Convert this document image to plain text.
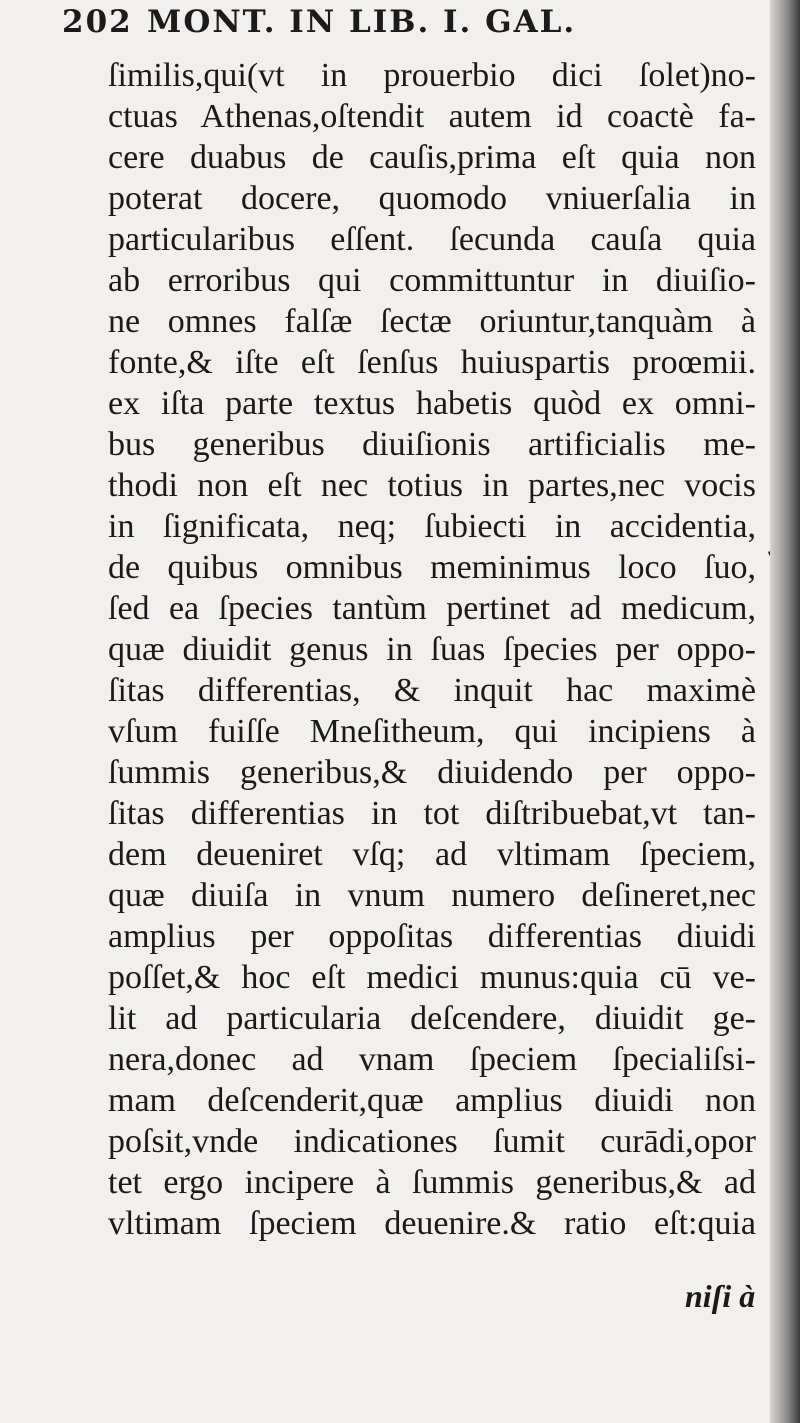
202 MONT. IN LIB. I. GAL.
ſimilis,qui(vt in prouerbio dici ſolet)no-
ctuas Athenas,oſtendit autem id coactè fa-
cere duabus de cauſis,prima eſt quia non
poterat docere, quomodo vniuerſalia in
particularibus eſſent. ſecunda cauſa quia
ab erroribus qui committuntur in diuiſio-
ne omnes falſæ ſectæ oriuntur,tanquàm à
fonte,& iſte eſt ſenſus huiuspartis proœmii.
ex iſta parte textus habetis quòd ex omni-
bus generibus diuiſionis artificialis me-
thodi non eſt nec totius in partes,nec vocis
in ſignificata, neq; ſubiecti in accidentia,
de quibus omnibus meminimus loco ſuo,
ſed ea ſpecies tantùm pertinet ad medicum,
quæ diuidit genus in ſuas ſpecies per oppo-
ſitas differentias, & inquit hac maximè
vſum fuiſſe Mneſitheum, qui incipiens à
ſummis generibus,& diuidendo per oppo-
ſitas differentias in tot diſtribuebat,vt tan-
dem deueniret vſq; ad vltimam ſpeciem,
quæ diuiſa in vnum numero deſineret,nec
amplius per oppoſitas differentias diuidi
poſſet,& hoc eſt medici munus:quia cū ve-
lit ad particularia deſcendere, diuidit ge-
nera,donec ad vnam ſpeciem ſpecialiſsi-
mam deſcenderit,quæ amplius diuidi non
poſsit,vnde indicationes ſumit curādi,opor
tet ergo incipere à ſummis generibus,& ad
vltimam ſpeciem deuenire.& ratio eſt:quia
niſi à
